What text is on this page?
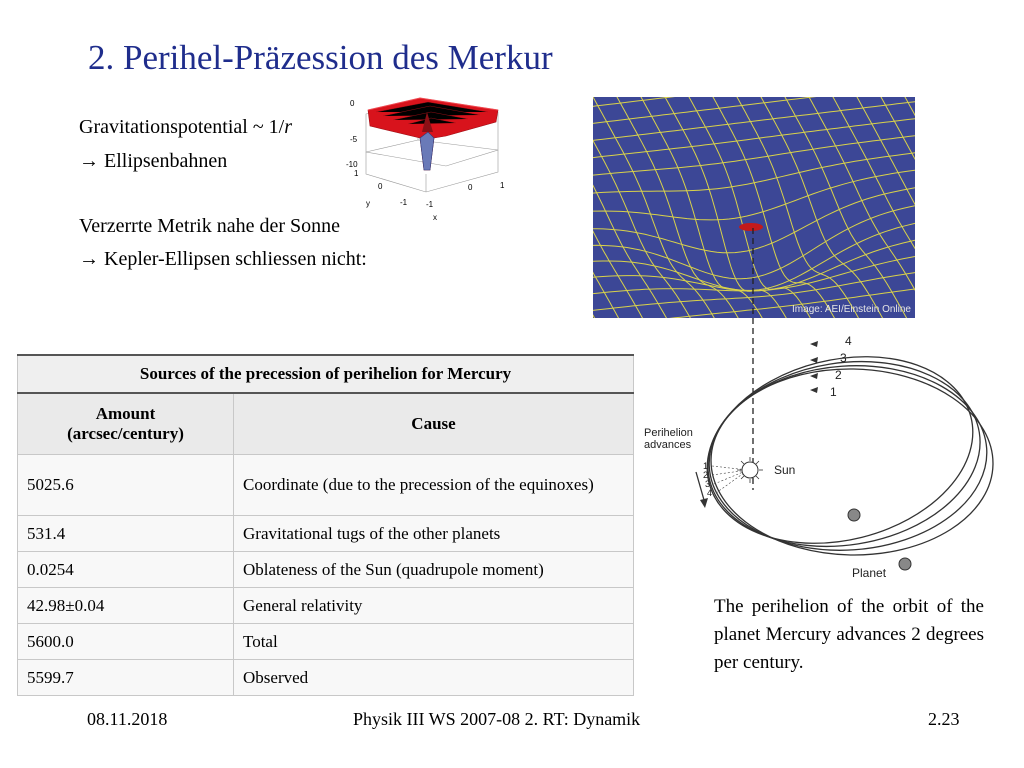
2. Perihel-Präzession des Merkur
Gravitationspotential ~ 1/r
→ Ellipsenbahnen
Verzerrte Metrik nahe der Sonne
→ Kepler-Ellipsen schliessen nicht:
0
-5
-10
1
0
-1 -1
0	1
y
x
Image: AEI/Einstein Online
4
3
2
1
Perihelion
advances
1
2
3
4
Sun
Planet
Sources of the precession of perihelion for Mercury	
Amount
(arcsec/century)	Cause
5025.6	Coordinate (due to the precession of the equinoxes)
531.4	Gravitational tugs of the other planets
0.0254	Oblateness of the Sun (quadrupole moment)
42.98±0.04	General relativity
5600.0	Total
5599.7	Observed
The perihelion of the orbit of the planet Mercury advances 2 degrees per century.
08.11.2018	Physik III WS 2007-08 2. RT: Dynamik	2.23
